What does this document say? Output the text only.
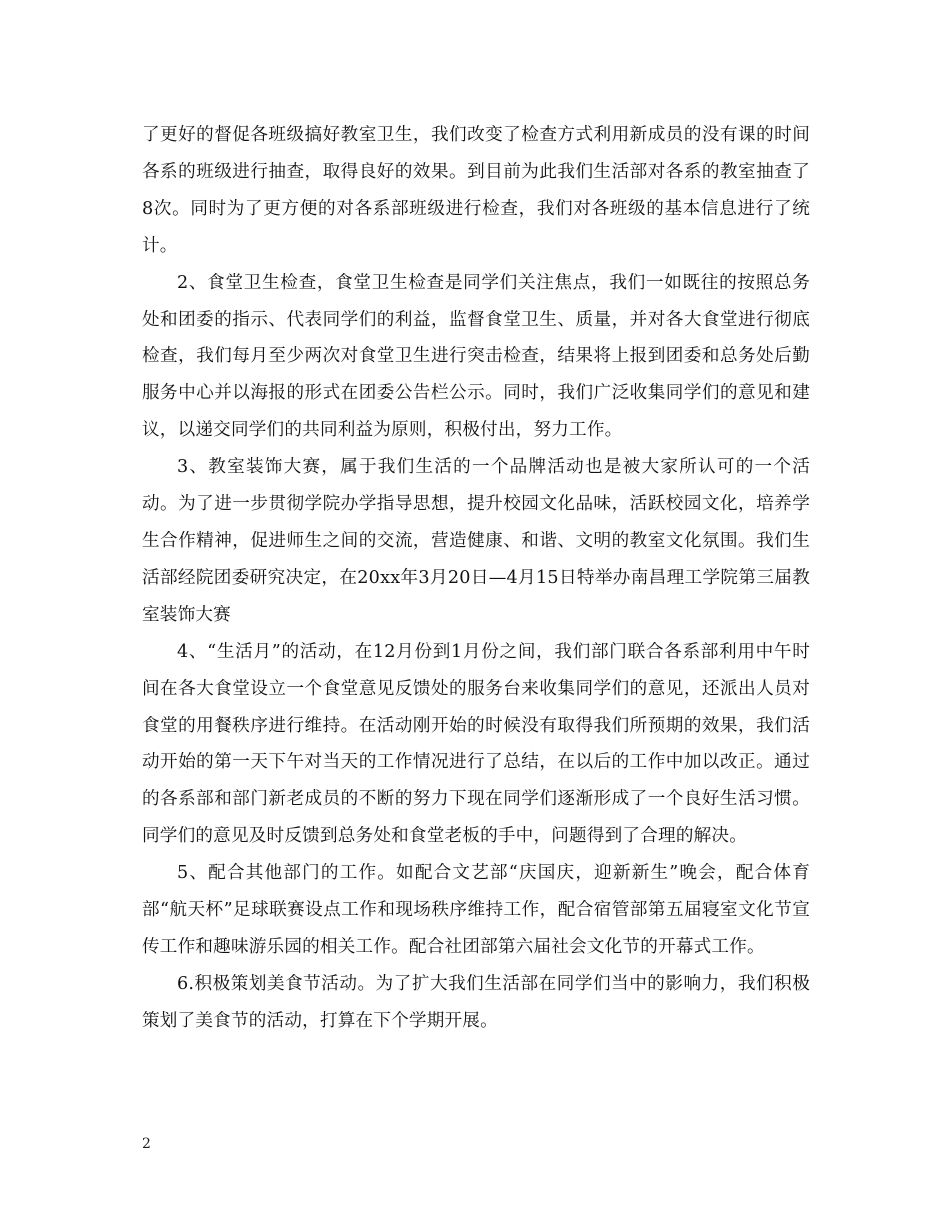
了更好的督促各班级搞好教室卫生，我们改变了检查方式利用新成员的没有课的时间各系的班级进行抽查，取得良好的效果。到目前为此我们生活部对各系的教室抽查了8次。同时为了更方便的对各系部班级进行检查，我们对各班级的基本信息进行了统计。

2、食堂卫生检查，食堂卫生检查是同学们关注焦点，我们一如既往的按照总务处和团委的指示、代表同学们的利益，监督食堂卫生、质量，并对各大食堂进行彻底检查，我们每月至少两次对食堂卫生进行突击检查，结果将上报到团委和总务处后勤服务中心并以海报的形式在团委公告栏公示。同时，我们广泛收集同学们的意见和建议，以递交同学们的共同利益为原则，积极付出，努力工作。

3、教室装饰大赛，属于我们生活的一个品牌活动也是被大家所认可的一个活动。为了进一步贯彻学院办学指导思想，提升校园文化品味，活跃校园文化，培养学生合作精神，促进师生之间的交流，营造健康、和谐、文明的教室文化氛围。我们生活部经院团委研究决定，在20xx年3月20日—4月15日特举办南昌理工学院第三届教室装饰大赛

4、“生活月”的活动，在12月份到1月份之间，我们部门联合各系部利用中午时间在各大食堂设立一个食堂意见反馈处的服务台来收集同学们的意见，还派出人员对食堂的用餐秩序进行维持。在活动刚开始的时候没有取得我们所预期的效果，我们活动开始的第一天下午对当天的工作情况进行了总结，在以后的工作中加以改正。通过的各系部和部门新老成员的不断的努力下现在同学们逐渐形成了一个良好生活习惯。同学们的意见及时反馈到总务处和食堂老板的手中，问题得到了合理的解决。

5、配合其他部门的工作。如配合文艺部“庆国庆，迎新新生”晚会，配合体育部“航天杯”足球联赛设点工作和现场秩序维持工作，配合宿管部第五届寝室文化节宣传工作和趣味游乐园的相关工作。配合社团部第六届社会文化节的开幕式工作。

6.积极策划美食节活动。为了扩大我们生活部在同学们当中的影响力，我们积极策划了美食节的活动，打算在下个学期开展。

2
